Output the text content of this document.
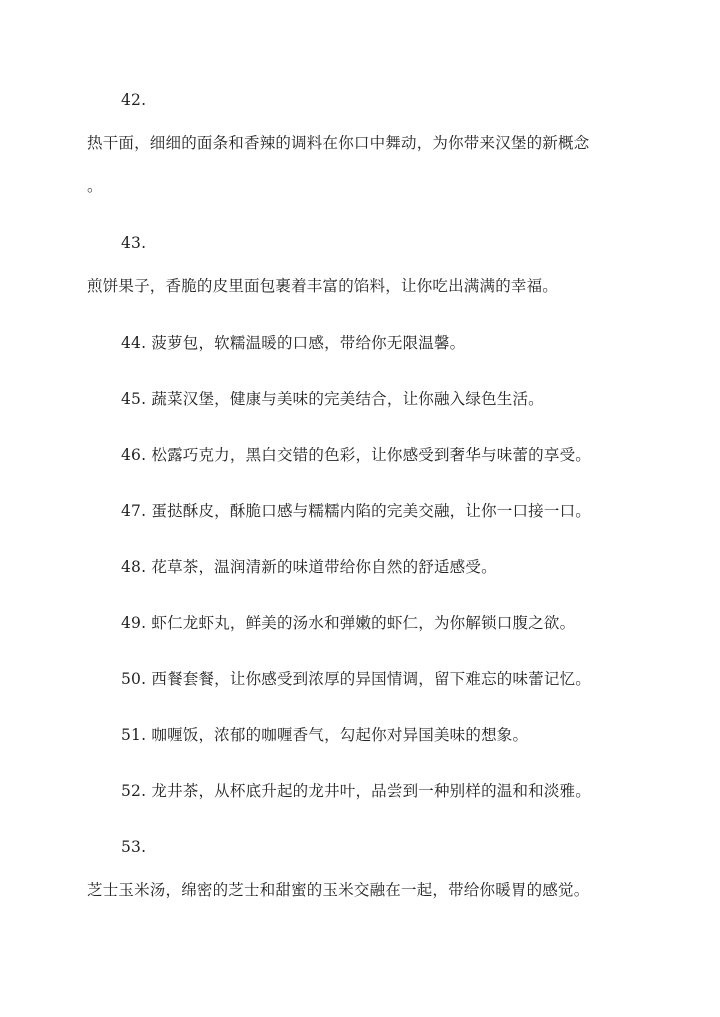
42.
热干面，细细的面条和香辣的调料在你口中舞动，为你带来汉堡的新概念
。
43.
煎饼果子，香脆的皮里面包裹着丰富的馅料，让你吃出满满的幸福。
44. 菠萝包，软糯温暖的口感，带给你无限温馨。
45. 蔬菜汉堡，健康与美味的完美结合，让你融入绿色生活。
46. 松露巧克力，黑白交错的色彩，让你感受到奢华与味蕾的享受。
47. 蛋挞酥皮，酥脆口感与糯糯内陷的完美交融，让你一口接一口。
48. 花草茶，温润清新的味道带给你自然的舒适感受。
49. 虾仁龙虾丸，鲜美的汤水和弹嫩的虾仁，为你解锁口腹之欲。
50. 西餐套餐，让你感受到浓厚的异国情调，留下难忘的味蕾记忆。
51. 咖喱饭，浓郁的咖喱香气，勾起你对异国美味的想象。
52. 龙井茶，从杯底升起的龙井叶，品尝到一种别样的温和和淡雅。
53.
芝士玉米汤，绵密的芝士和甜蜜的玉米交融在一起，带给你暖胃的感觉。
